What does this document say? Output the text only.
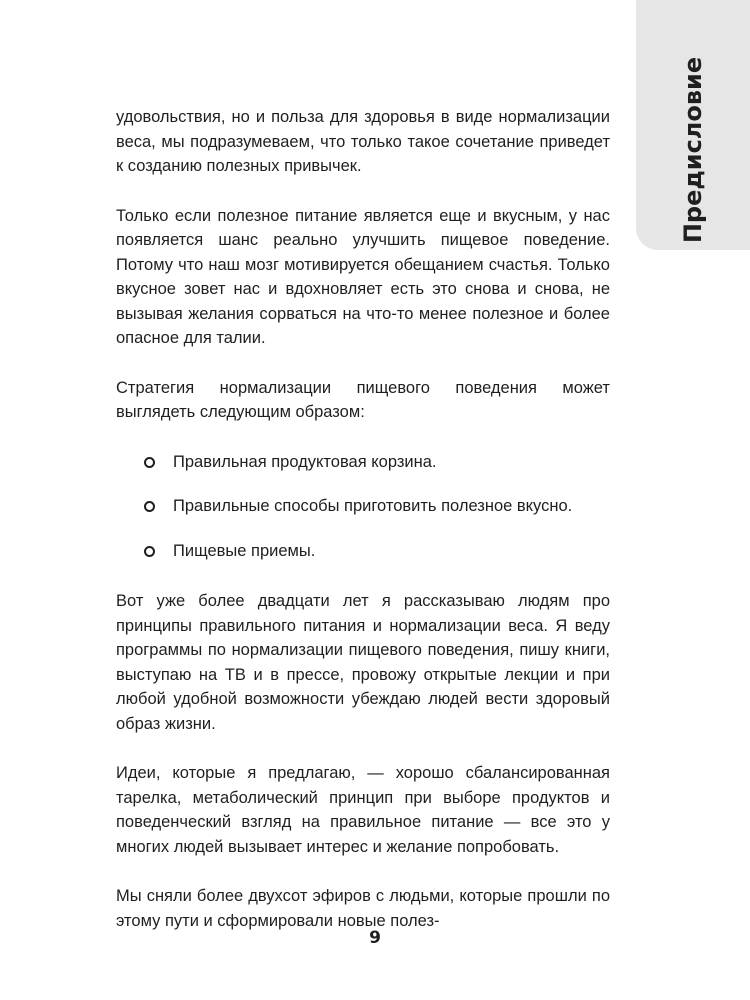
Предисловие

удовольствия, но и польза для здоровья в виде нормализации веса, мы подразумеваем, что только такое сочетание приведет к созданию полезных привычек.

Только если полезное питание является еще и вкусным, у нас появляется шанс реально улучшить пищевое поведение. Потому что наш мозг мотивируется обещанием счастья. Только вкусное зовет нас и вдохновляет есть это снова и снова, не вызывая желания сорваться на что-то менее полезное и более опасное для талии.

Стратегия нормализации пищевого поведения может выглядеть следующим образом:

Правильная продуктовая корзина.
Правильные способы приготовить полезное вкусно.
Пищевые приемы.

Вот уже более двадцати лет я рассказываю людям про принципы правильного питания и нормализации веса. Я веду программы по нормализации пищевого поведения, пишу книги, выступаю на ТВ и в прессе, провожу открытые лекции и при любой удобной возможности убеждаю людей вести здоровый образ жизни.

Идеи, которые я предлагаю, — хорошо сбалансированная тарелка, метаболический принцип при выборе продуктов и поведенческий взгляд на правильное питание — все это у многих людей вызывает интерес и желание попробовать.

Мы сняли более двухсот эфиров с людьми, которые прошли по этому пути и сформировали новые полез-

9
